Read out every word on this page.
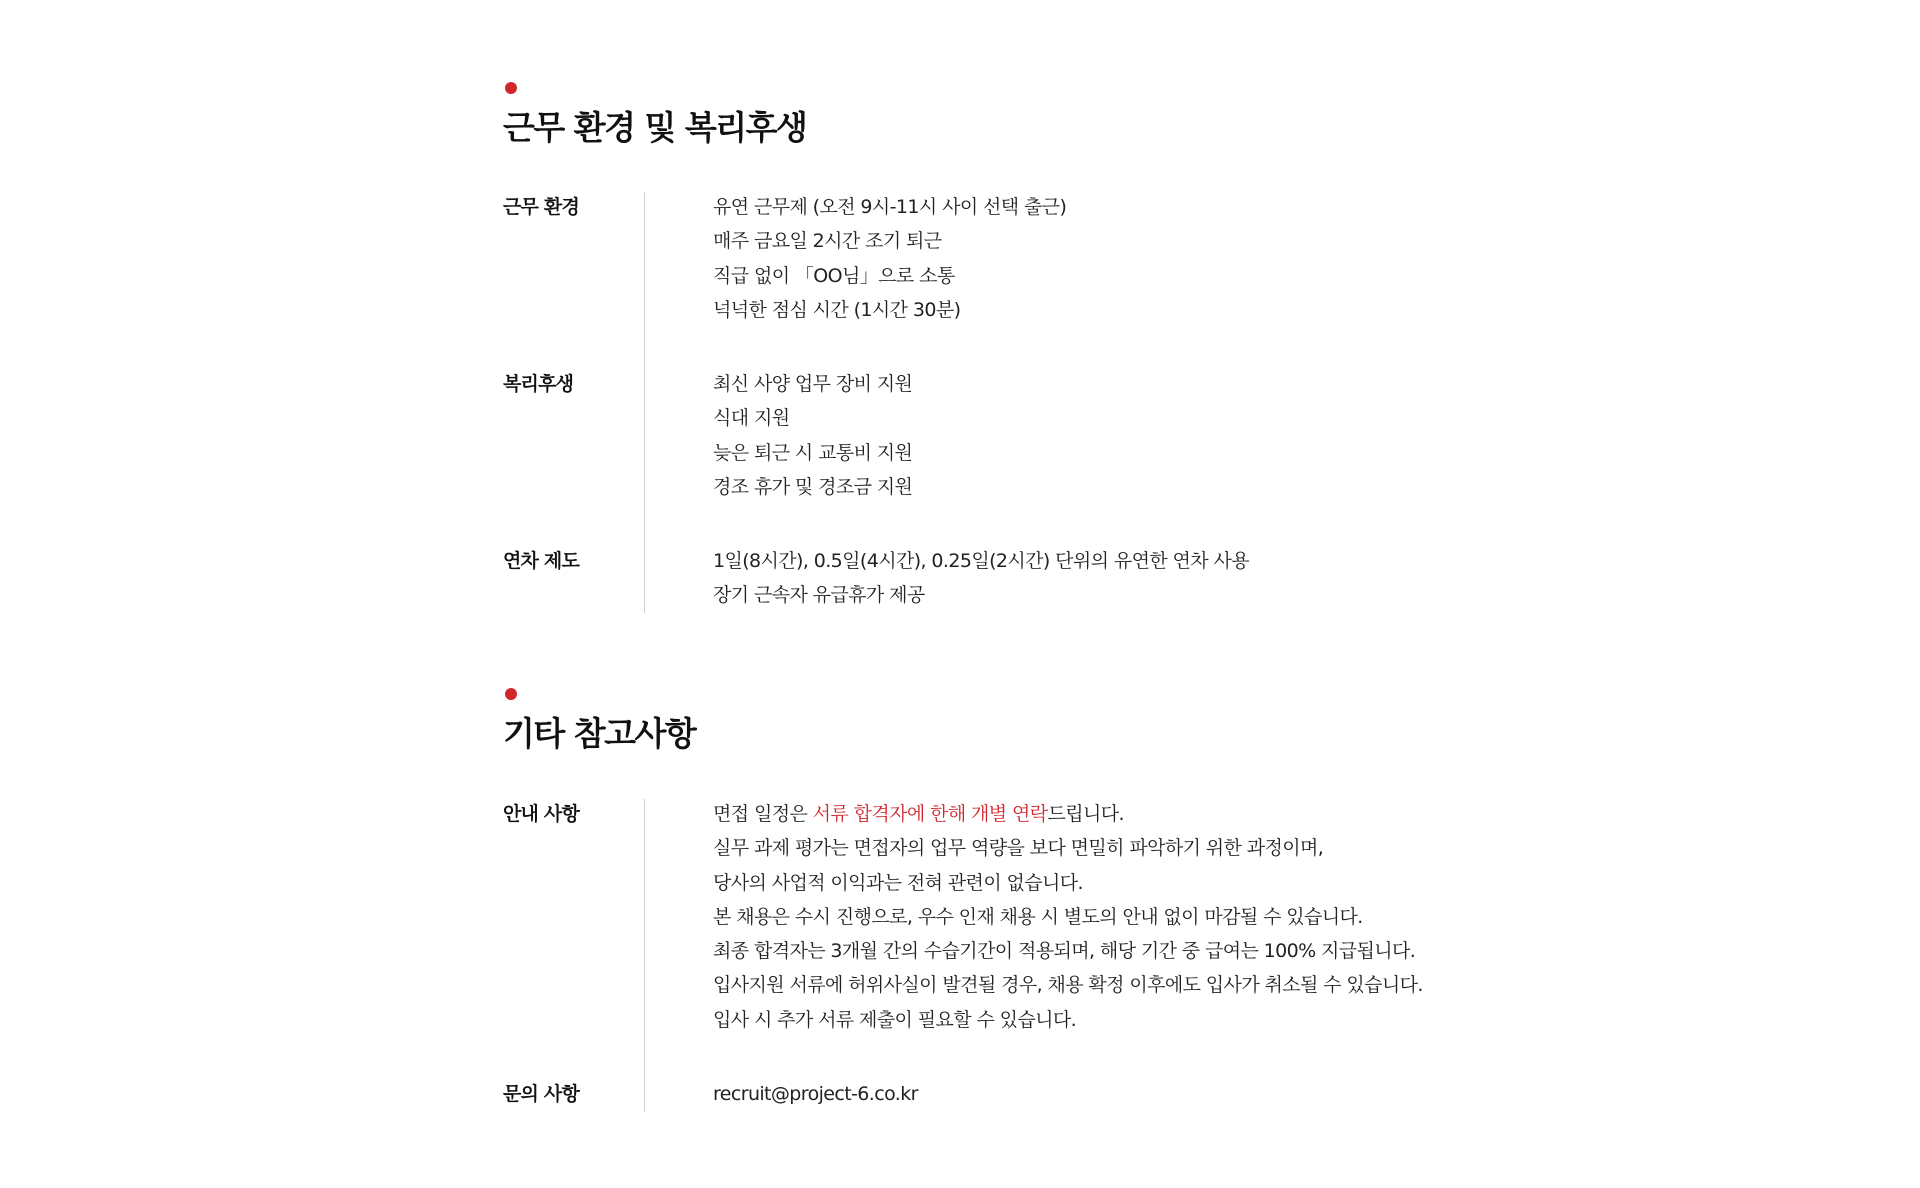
근무 환경 및 복리후생
근무 환경	유연 근무제 (오전 9시-11시 사이 선택 출근)
매주 금요일 2시간 조기 퇴근
직급 없이 「OO님」으로 소통
넉넉한 점심 시간 (1시간 30분)
복리후생	최신 사양 업무 장비 지원
식대 지원
늦은 퇴근 시 교통비 지원
경조 휴가 및 경조금 지원
연차 제도	1일(8시간), 0.5일(4시간), 0.25일(2시간) 단위의 유연한 연차 사용
장기 근속자 유급휴가 제공
기타 참고사항
안내 사항	면접 일정은 서류 합격자에 한해 개별 연락드립니다.
실무 과제 평가는 면접자의 업무 역량을 보다 면밀히 파악하기 위한 과정이며,
당사의 사업적 이익과는 전혀 관련이 없습니다.
본 채용은 수시 진행으로, 우수 인재 채용 시 별도의 안내 없이 마감될 수 있습니다.
최종 합격자는 3개월 간의 수습기간이 적용되며, 해당 기간 중 급여는 100% 지급됩니다.
입사지원 서류에 허위사실이 발견될 경우, 채용 확정 이후에도 입사가 취소될 수 있습니다.
입사 시 추가 서류 제출이 필요할 수 있습니다.
문의 사항	recruit@project-6.co.kr
